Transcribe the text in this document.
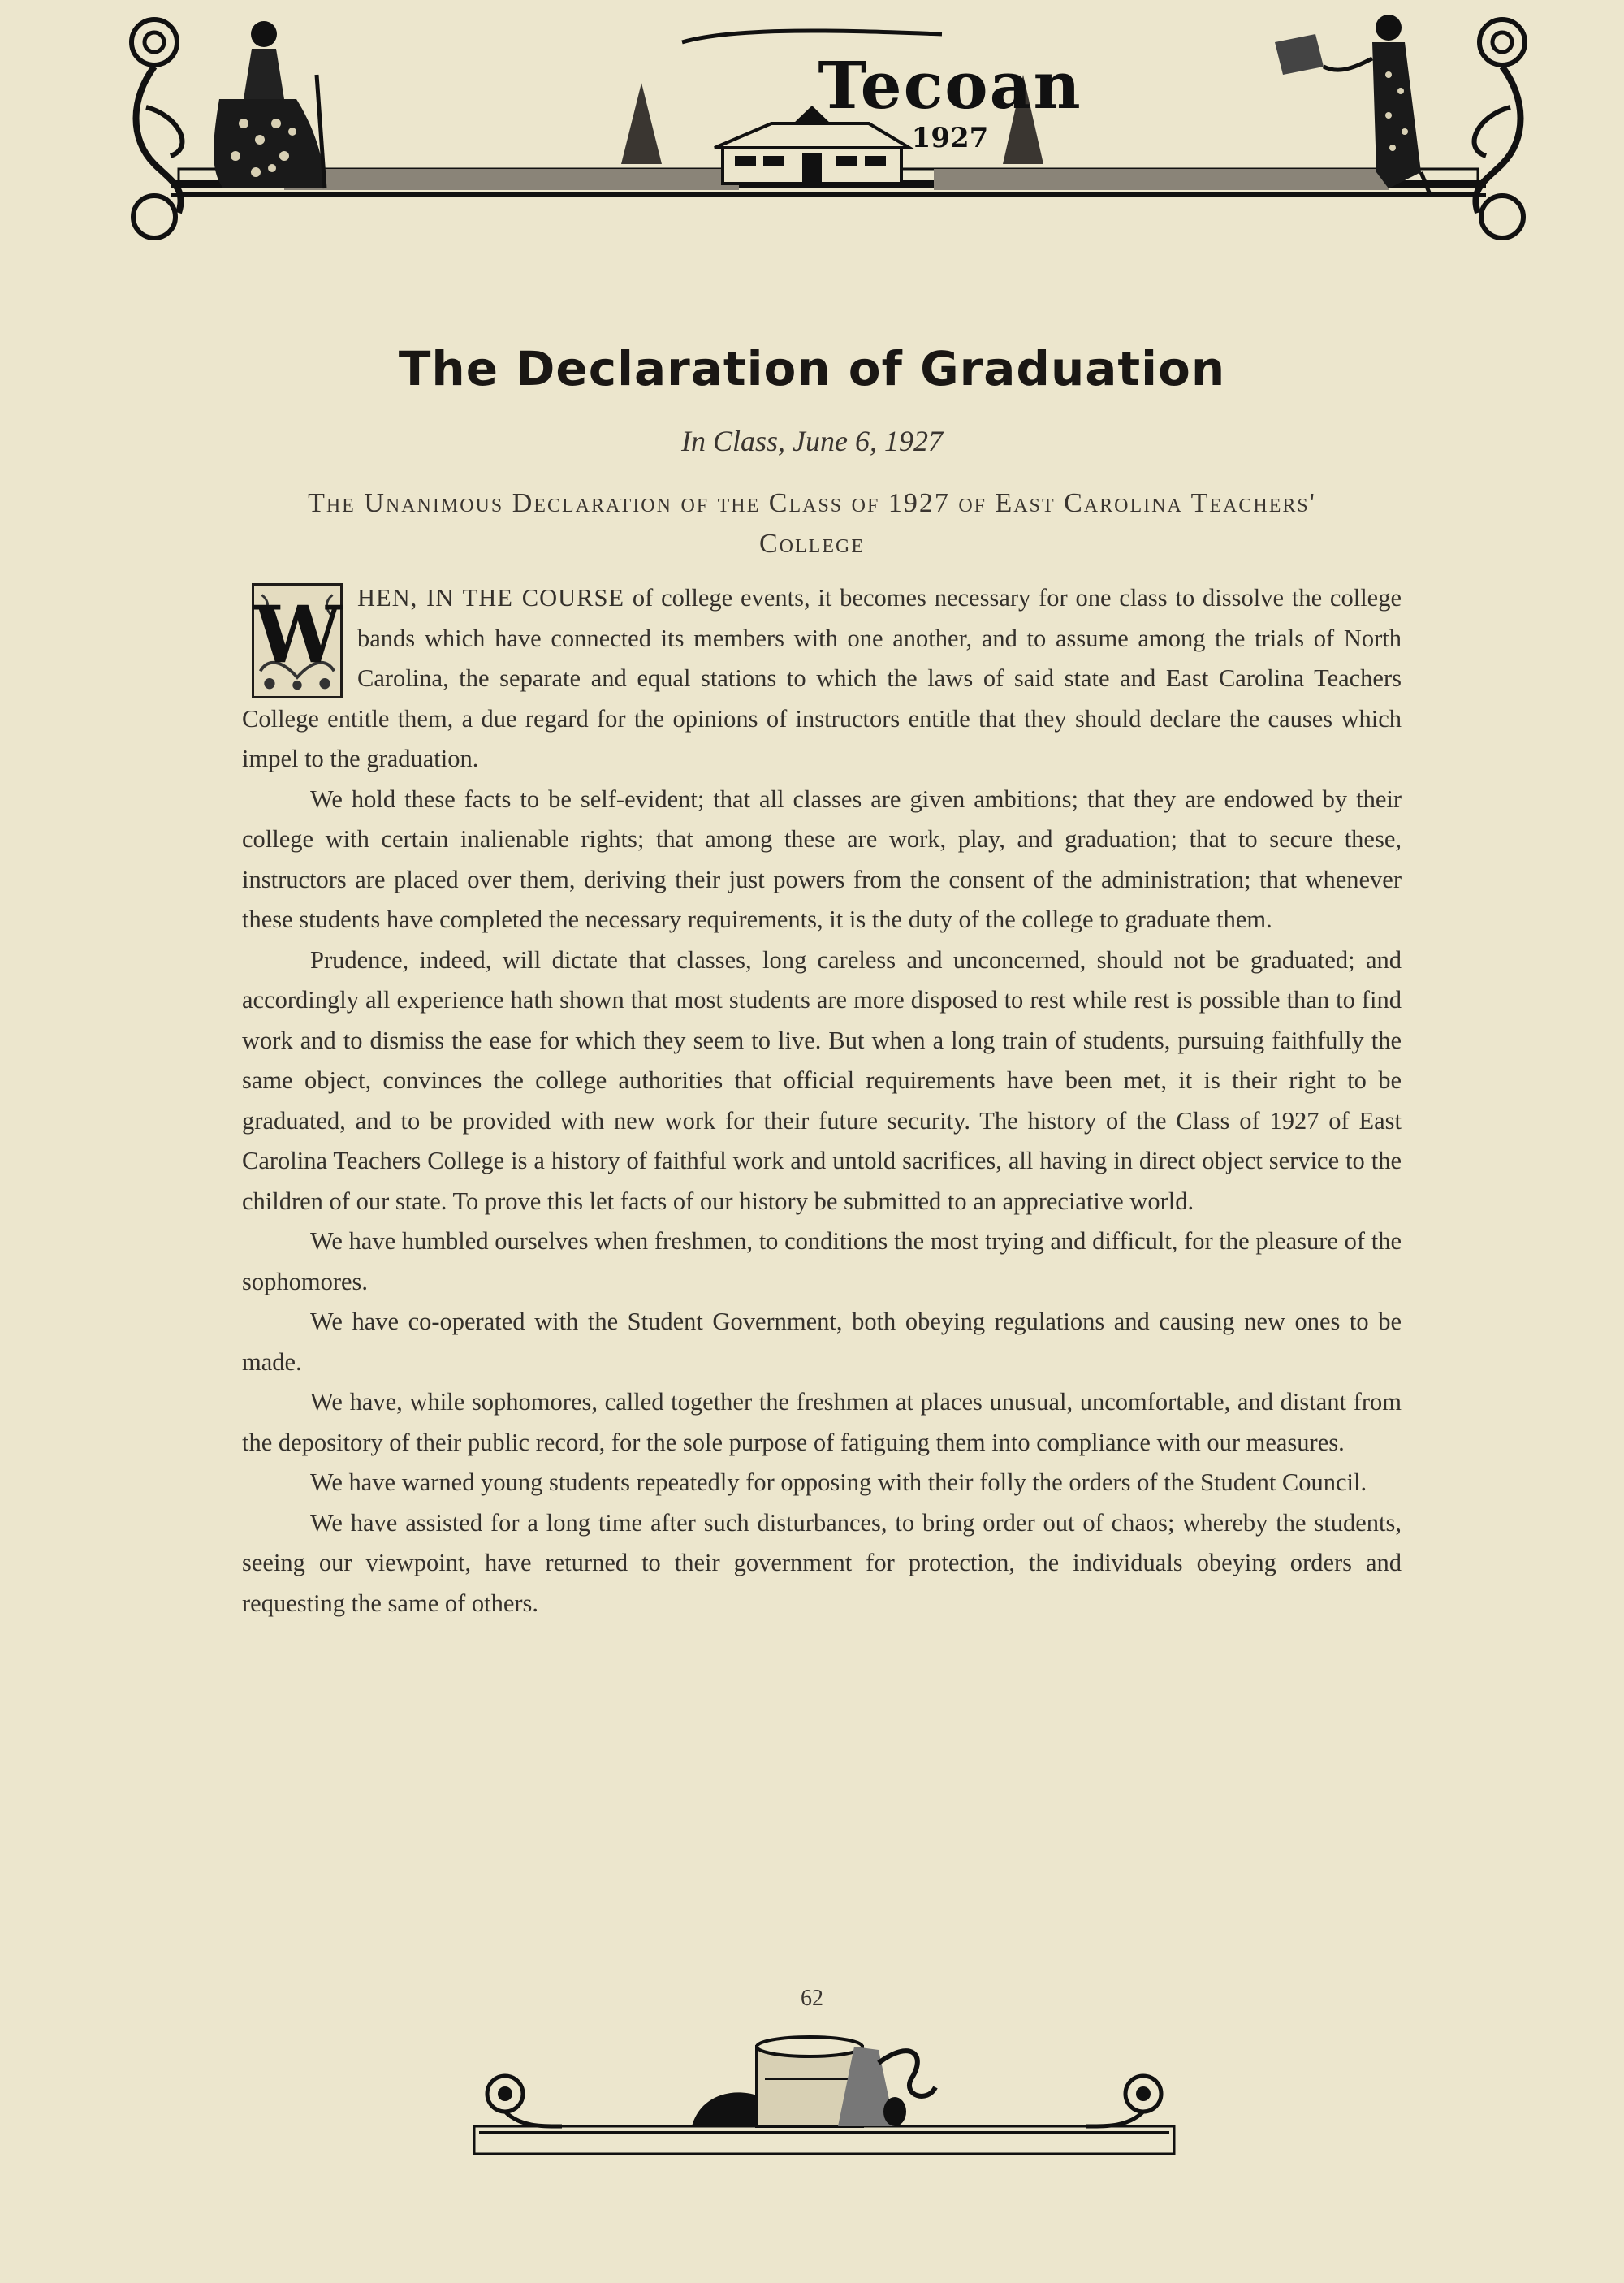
Tecoan
1927
The Declaration of Graduation
In Class, June 6, 1927
The Unanimous Declaration of the Class of 1927 of East Carolina Teachers' College

W HEN, IN THE COURSE of college events, it becomes necessary for one class to dissolve the college bands which have connected its members with one another, and to assume among the trials of North Carolina, the separate and equal stations to which the laws of said state and East Carolina Teachers College entitle them, a due regard for the opinions of instructors entitle that they should declare the causes which impel to the graduation.

We hold these facts to be self-evident; that all classes are given ambitions; that they are endowed by their college with certain inalienable rights; that among these are work, play, and graduation; that to secure these, instructors are placed over them, deriving their just powers from the consent of the administration; that whenever these students have completed the necessary requirements, it is the duty of the college to graduate them.

Prudence, indeed, will dictate that classes, long careless and unconcerned, should not be graduated; and accordingly all experience hath shown that most students are more disposed to rest while rest is possible than to find work and to dismiss the ease for which they seem to live. But when a long train of students, pursuing faithfully the same object, convinces the college authorities that official requirements have been met, it is their right to be graduated, and to be provided with new work for their future security. The history of the Class of 1927 of East Carolina Teachers College is a history of faithful work and untold sacrifices, all having in direct object service to the children of our state. To prove this let facts of our history be submitted to an appreciative world.

We have humbled ourselves when freshmen, to conditions the most trying and difficult, for the pleasure of the sophomores.

We have co-operated with the Student Government, both obeying regulations and causing new ones to be made.

We have, while sophomores, called together the freshmen at places unusual, uncomfortable, and distant from the depository of their public record, for the sole purpose of fatiguing them into compliance with our measures.

We have warned young students repeatedly for opposing with their folly the orders of the Student Council.

We have assisted for a long time after such disturbances, to bring order out of chaos; whereby the students, seeing our viewpoint, have returned to their government for protection, the individuals obeying orders and requesting the same of others.

62
